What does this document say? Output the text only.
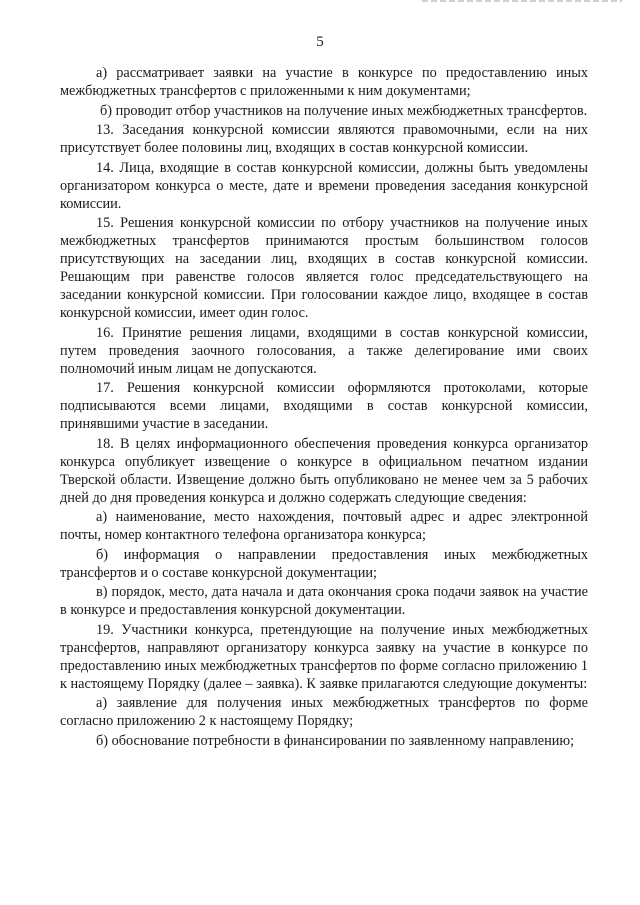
5

а) рассматривает заявки на участие в конкурсе по предоставлению иных межбюджетных трансфертов с приложенными к ним документами;

б) проводит отбор участников на получение иных межбюджетных трансфертов.

13. Заседания конкурсной комиссии являются правомочными, если на них присутствует более половины лиц, входящих в состав конкурсной комиссии.

14. Лица, входящие в состав конкурсной комиссии, должны быть уведомлены организатором конкурса о месте, дате и времени проведения заседания конкурсной комиссии.

15. Решения конкурсной комиссии по отбору участников на получение иных межбюджетных трансфертов принимаются простым большинством голосов присутствующих на заседании лиц, входящих в состав конкурсной комиссии. Решающим при равенстве голосов является голос председательствующего на заседании конкурсной комиссии. При голосовании каждое лицо, входящее в состав конкурсной комиссии, имеет один голос.

16. Принятие решения лицами, входящими в состав конкурсной комиссии, путем проведения заочного голосования, а также делегирование ими своих полномочий иным лицам не допускаются.

17. Решения конкурсной комиссии оформляются протоколами, которые подписываются всеми лицами, входящими в состав конкурсной комиссии, принявшими участие в заседании.

18. В целях информационного обеспечения проведения конкурса организатор конкурса опубликует извещение о конкурсе в официальном печатном издании Тверской области. Извещение должно быть опубликовано не менее чем за 5 рабочих дней до дня проведения конкурса и должно содержать следующие сведения:

а) наименование, место нахождения, почтовый адрес и адрес электронной почты, номер контактного телефона организатора конкурса;

б) информация о направлении предоставления иных межбюджетных трансфертов и о составе конкурсной документации;

в) порядок, место, дата начала и дата окончания срока подачи заявок на участие в конкурсе и предоставления конкурсной документации.

19. Участники конкурса, претендующие на получение иных межбюджетных трансфертов, направляют организатору конкурса заявку на участие в конкурсе по предоставлению иных межбюджетных трансфертов по форме согласно приложению 1 к настоящему Порядку (далее – заявка). К заявке прилагаются следующие документы:

а) заявление для получения иных межбюджетных трансфертов по форме согласно приложению 2 к настоящему Порядку;

б) обоснование потребности в финансировании по заявленному направлению;
